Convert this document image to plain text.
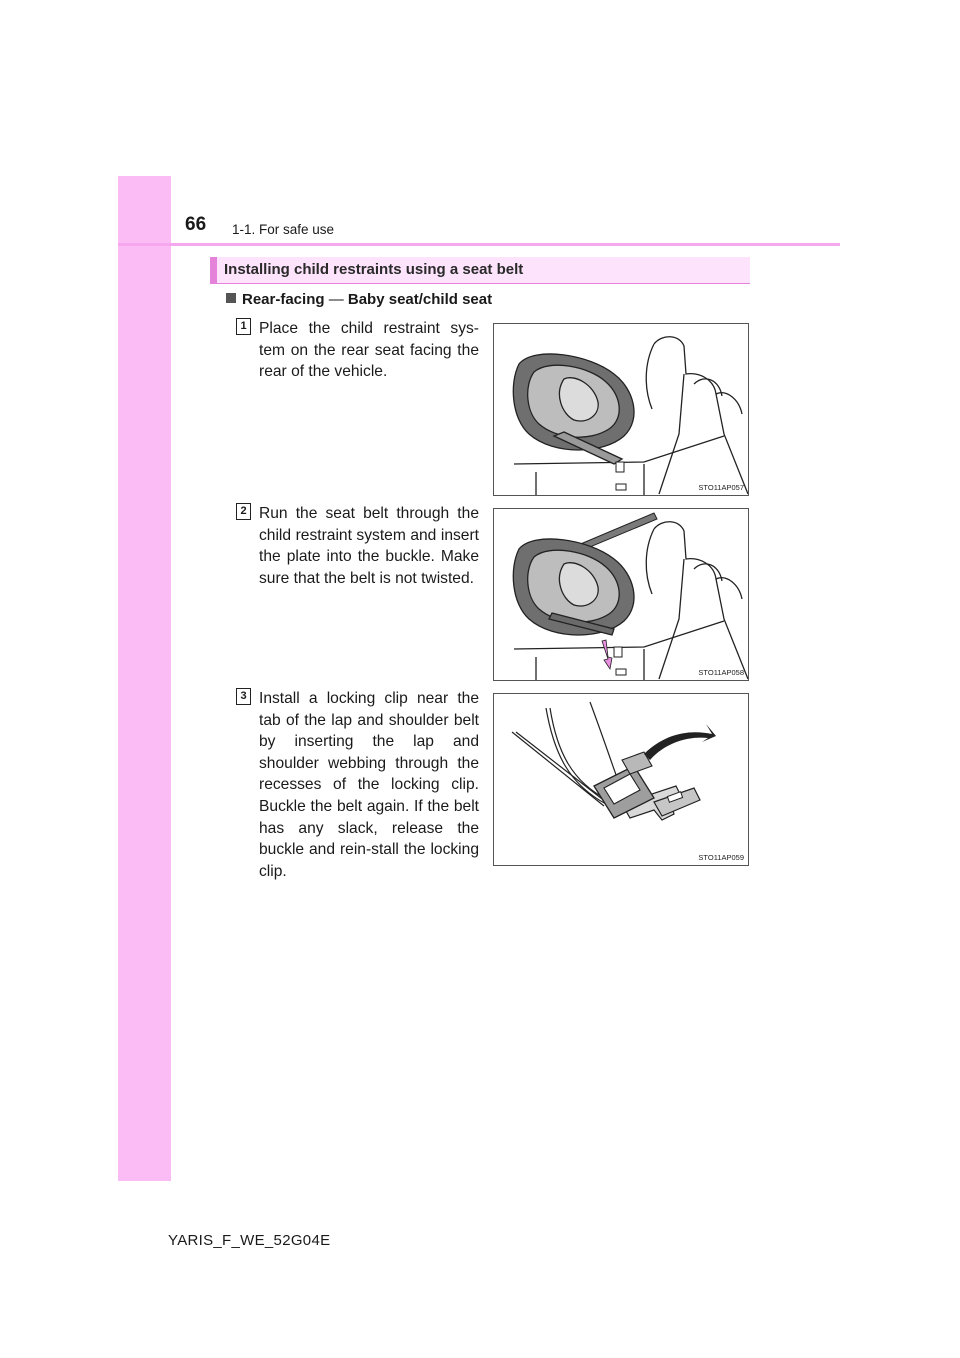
66 1-1. For safe use
Installing child restraints using a seat belt
Rear-facing — Baby seat/child seat
1 Place the child restraint sys-tem on the rear seat facing the rear of the vehicle.
STO11AP057
2 Run the seat belt through the child restraint system and insert the plate into the buckle. Make sure that the belt is not twisted.
STO11AP058
3 Install a locking clip near the tab of the lap and shoulder belt by inserting the lap and shoulder webbing through the recesses of the locking clip. Buckle the belt again. If the belt has any slack, release the buckle and rein-stall the locking clip.
STO11AP059
YARIS_F_WE_52G04E
